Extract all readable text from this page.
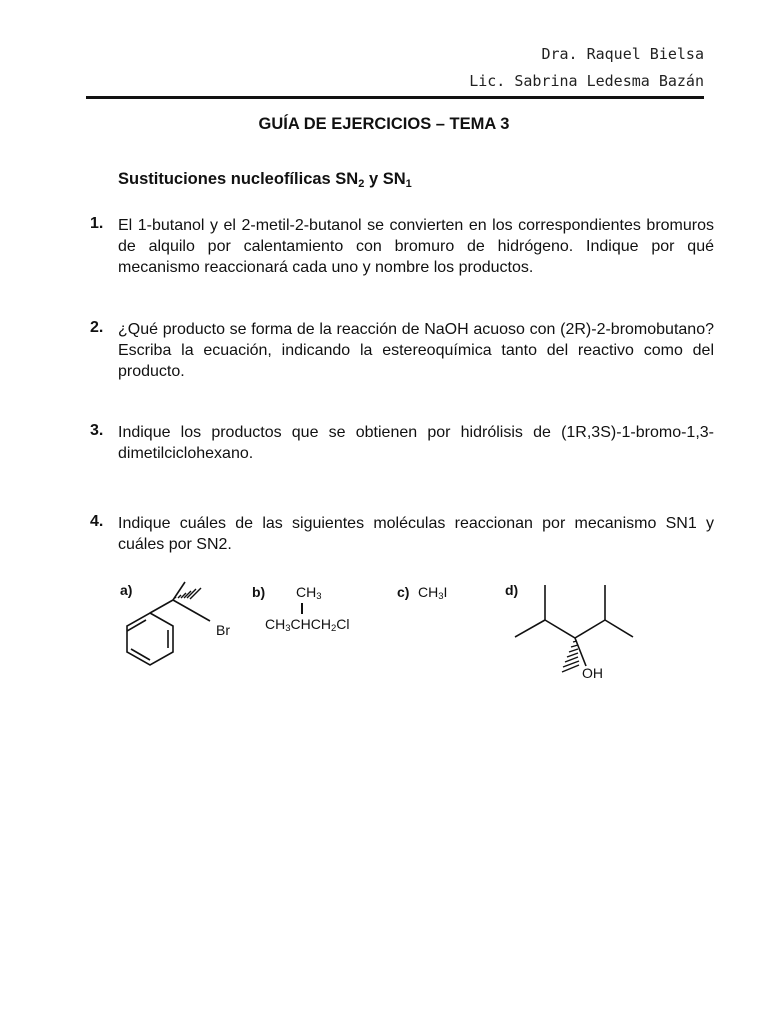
Dra. Raquel Bielsa
Lic. Sabrina Ledesma Bazán
GUÍA DE EJERCICIOS – TEMA 3
Sustituciones nucleofílicas $SN_2$ y $SN_1$
1. El 1-butanol y el 2-metil-2-butanol se convierten en los correspondientes bromuros de alquilo por calentamiento con bromuro de hidrógeno. Indique por qué mecanismo reaccionará cada uno y nombre los productos.
2. ¿Qué producto se forma de la reacción de NaOH acuoso con (2R)-2-bromobutano? Escriba la ecuación, indicando la estereoquímica tanto del reactivo como del producto.
3. Indique los productos que se obtienen por hidrólisis de (1R,3S)-1-bromo-1,3-dimetilciclohexano.
4. Indique cuáles de las siguientes moléculas reaccionan por mecanismo SN1 y cuáles por SN2.
a)	b)	c)	d)
Br
$CH_3$
$CH_3CHCH_2Cl$
$CH_3I$
OH
